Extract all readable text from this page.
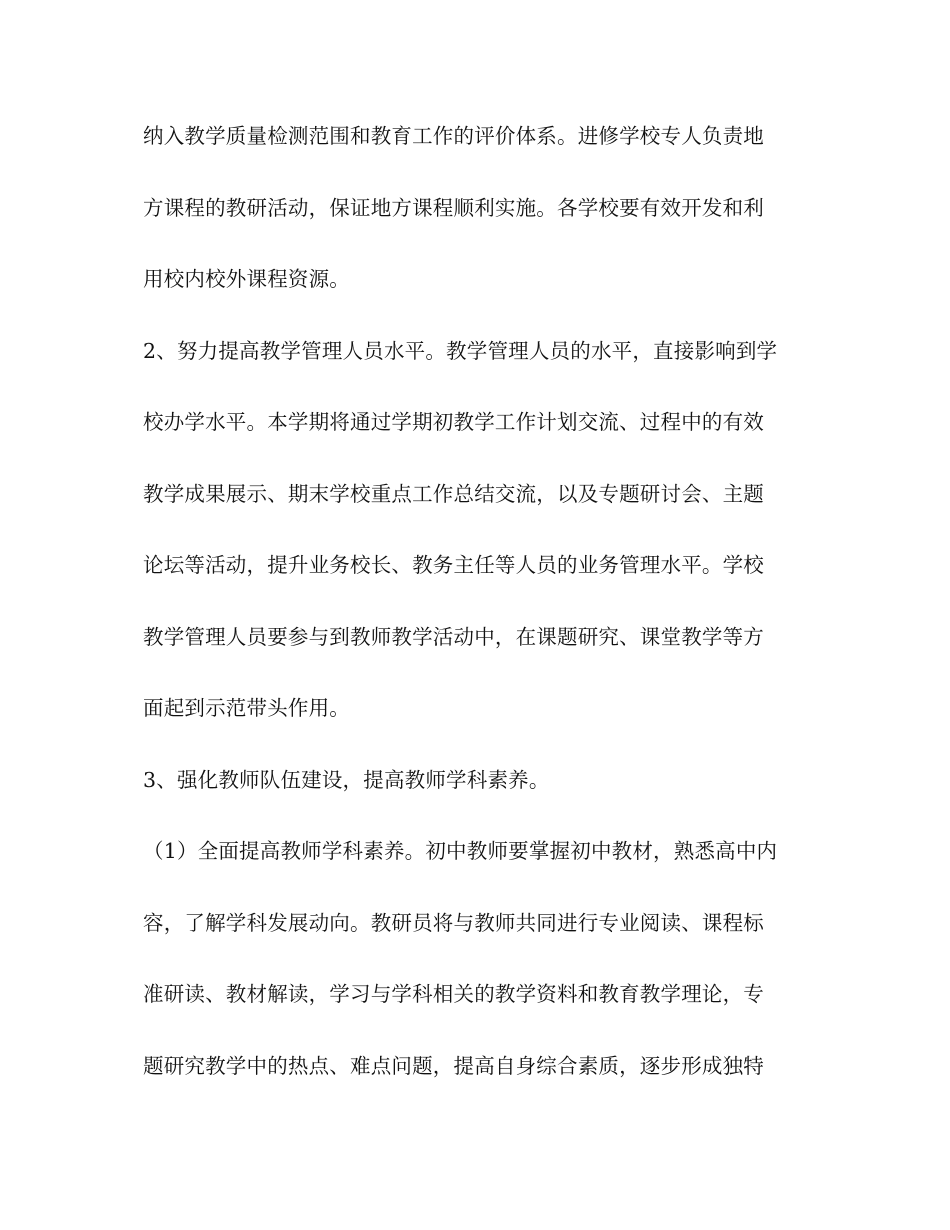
纳入教学质量检测范围和教育工作的评价体系。进修学校专人负责地
方课程的教研活动，保证地方课程顺利实施。各学校要有效开发和利
用校内校外课程资源。
2、努力提高教学管理人员水平。教学管理人员的水平，直接影响到学
校办学水平。本学期将通过学期初教学工作计划交流、过程中的有效
教学成果展示、期末学校重点工作总结交流，以及专题研讨会、主题
论坛等活动，提升业务校长、教务主任等人员的业务管理水平。学校
教学管理人员要参与到教师教学活动中，在课题研究、课堂教学等方
面起到示范带头作用。
3、强化教师队伍建设，提高教师学科素养。
（1）全面提高教师学科素养。初中教师要掌握初中教材，熟悉高中内
容，了解学科发展动向。教研员将与教师共同进行专业阅读、课程标
准研读、教材解读，学习与学科相关的教学资料和教育教学理论，专
题研究教学中的热点、难点问题，提高自身综合素质，逐步形成独特
